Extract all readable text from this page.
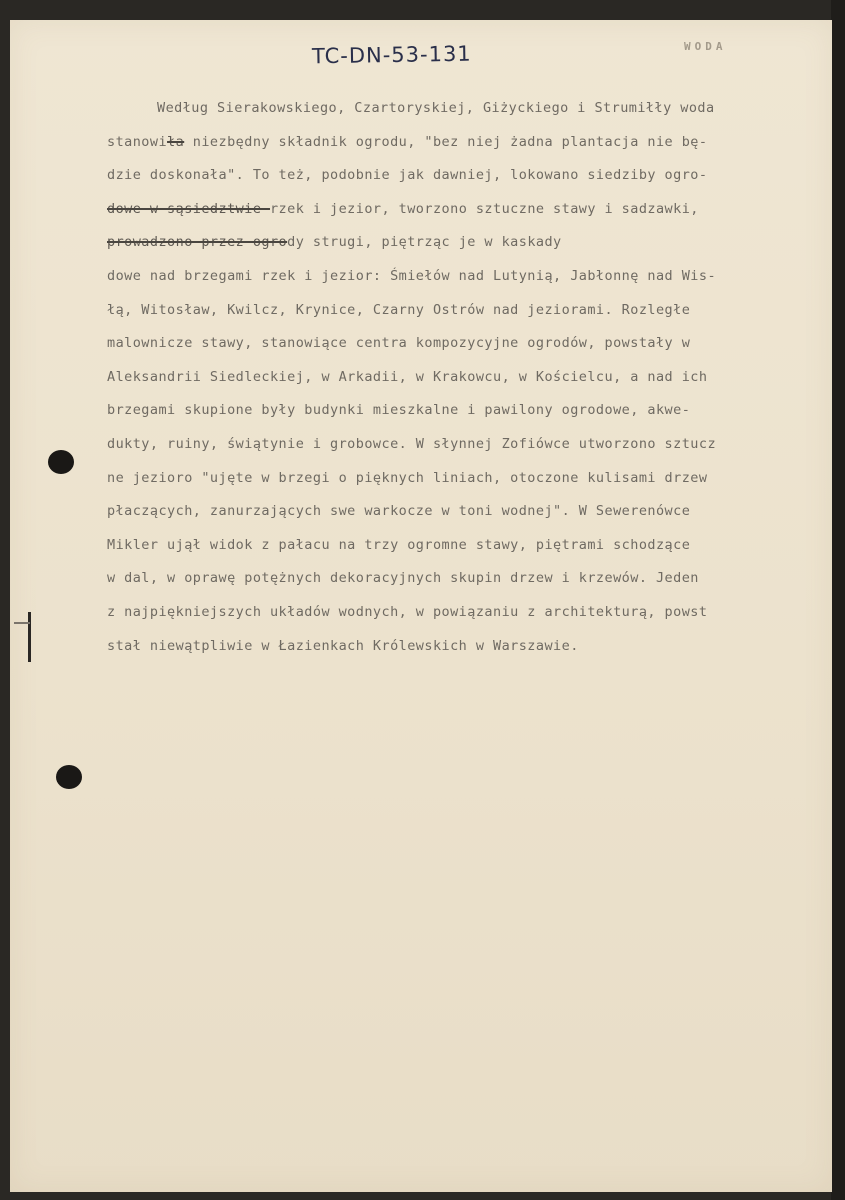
TC-DN-53-131	WODA
Według Sierakowskiego, Czartoryskiej, Giżyckiego i Strumiłły woda
stanowiła niezbędny składnik ogrodu, "bez niej żadna plantacja nie bę-
dzie doskonała". To też, podobnie jak dawniej, lokowano siedziby ogro-
dowe w sąsiedztwie rzek i jezior, tworzono sztuczne stawy i sadzawki,
prowadzono przez ogrody strugi, piętrząc je w kaskady
dowe nad brzegami rzek i jezior: Śmiełów nad Lutynią, Jabłonnę nad Wis-
łą, Witosław, Kwilcz, Krynice, Czarny Ostrów nad jeziorami. Rozległe
malownicze stawy, stanowiące centra kompozycyjne ogrodów, powstały w
Aleksandrii Siedleckiej, w Arkadii, w Krakowcu, w Kościelcu, a nad ich
brzegami skupione były budynki mieszkalne i pawilony ogrodowe, akwe-
dukty, ruiny, świątynie i grobowce. W słynnej Zofiówce utworzono sztucz
ne jezioro "ujęte w brzegi o pięknych liniach, otoczone kulisami drzew
płaczących, zanurzających swe warkocze w toni wodnej". W Sewerenówce
Mikler ujął widok z pałacu na trzy ogromne stawy, piętrami schodzące
w dal, w oprawę potężnych dekoracyjnych skupin drzew i krzewów. Jeden
z najpiękniejszych układów wodnych, w powiązaniu z architekturą, powst
stał niewątpliwie w Łazienkach Królewskich w Warszawie.
